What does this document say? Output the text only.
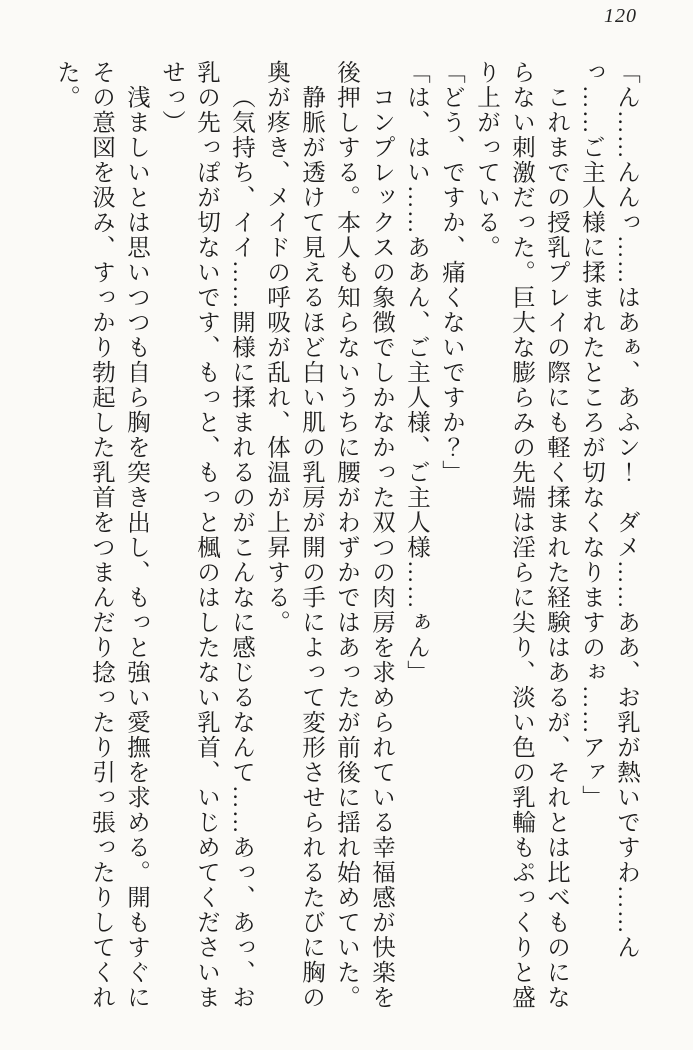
120

「ん……んんっ……はあぁ、あふン！　ダメ……ああ、お乳が熱いですわ……んっ……ご主人様に揉まれたところが切なくなりますのぉ……アァ」

これまでの授乳プレイの際にも軽く揉まれた経験はあるが、それとは比べものにならない刺激だった。巨大な膨らみの先端は淫らに尖り、淡い色の乳輪もぷっくりと盛り上がっている。

「どう、ですか、痛くないですか？」

「は、はい……ああん、ご主人様、ご主人様……ぁん」

コンプレックスの象徴でしかなかった双つの肉房を求められている幸福感が快楽を後押しする。本人も知らないうちに腰がわずかではあったが前後に揺れ始めていた。

静脈が透けて見えるほど白い肌の乳房が開の手によって変形させられるたびに胸の奥が疼き、メイドの呼吸が乱れ、体温が上昇する。

（気持ち、イイ……開様に揉まれるのがこんなに感じるなんて……あっ、あっ、お乳の先っぽが切ないです、もっと、もっと楓のはしたない乳首、いじめてくださいませっ）

浅ましいとは思いつつも自ら胸を突き出し、もっと強い愛撫を求める。開もすぐにその意図を汲み、すっかり勃起した乳首をつまんだり捻ったり引っ張ったりしてくれた。
